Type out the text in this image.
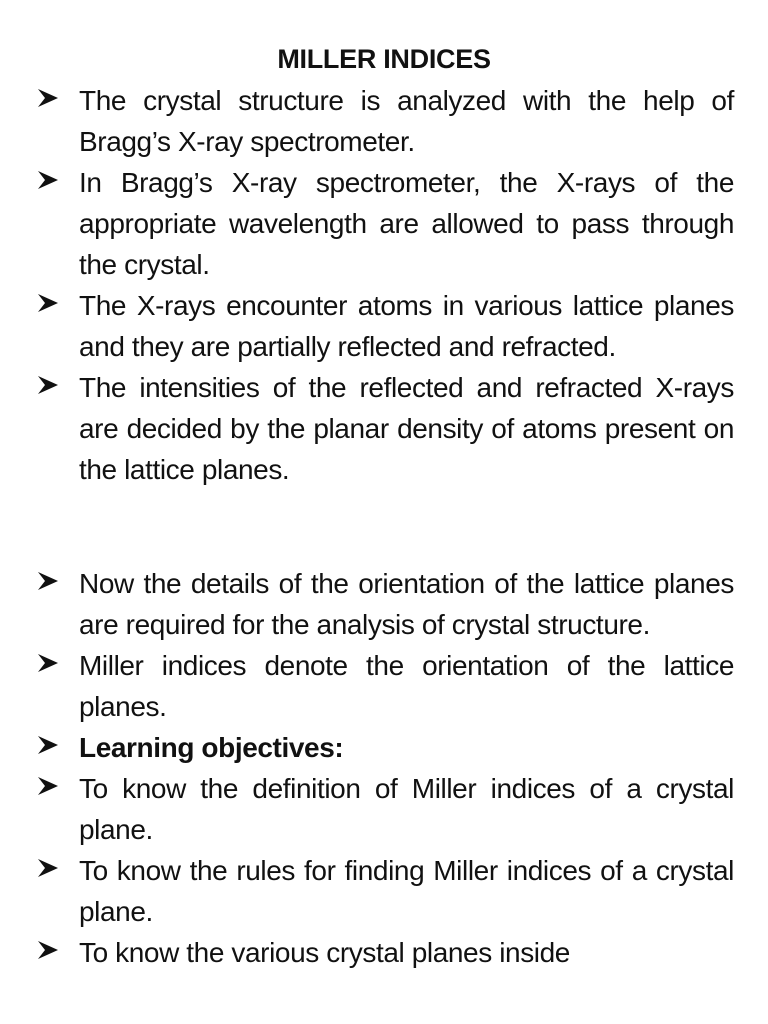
MILLER INDICES
The crystal structure is analyzed with the help of Bragg’s X-ray spectrometer.
In Bragg’s X-ray spectrometer, the X-rays of the appropriate wavelength are allowed to pass through the crystal.
The X-rays encounter atoms in various lattice planes and they are partially reflected and refracted.
The intensities of the reflected and refracted X-rays are decided by the planar density of atoms present on the lattice planes.
Now the details of the orientation of the lattice planes are required for the analysis of crystal structure.
Miller indices denote the orientation of the lattice planes.
Learning objectives:
To know the definition of Miller indices of a crystal plane.
To know the rules for finding Miller indices of a crystal plane.
To know the various crystal planes inside
